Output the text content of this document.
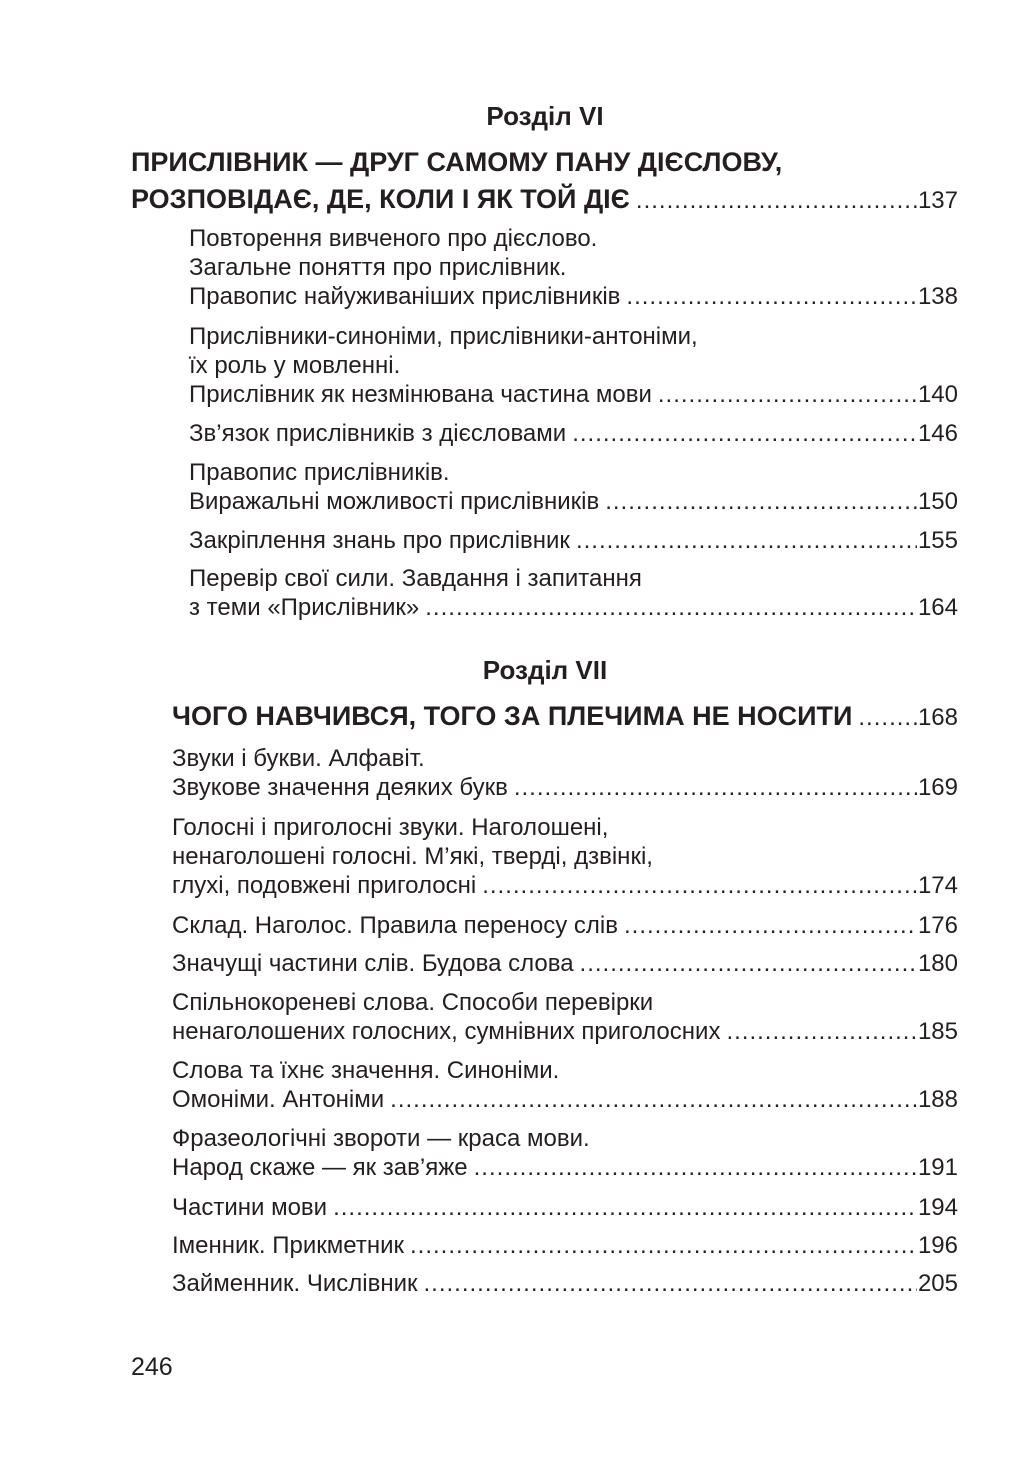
Розділ VI
ПРИСЛІВНИК — ДРУГ САМОМУ ПАНУ ДІЄСЛОВУ,
РОЗПОВІДАЄ, ДЕ, КОЛИ І ЯК ТОЙ ДІЄ .....	137
Повторення вивченого про дієслово.
Загальне поняття про прислівник.
Правопис найуживаніших прислівників .....	138
Прислівники-синоніми, прислівники-антоніми,
їх роль у мовленні.
Прислівник як незмінювана частина мови .....	140
Зв’язок прислівників з дієсловами .....	146
Правопис прислівників.
Виражальні можливості прислівників .....	150
Закріплення знань про прислівник .....	155
Перевір свої сили. Завдання і запитання
з теми «Прислівник» .....	164
Розділ VII
ЧОГО НАВЧИВСЯ, ТОГО ЗА ПЛЕЧИМА НЕ НОСИТИ .....	168
Звуки і букви. Алфавіт.
Звукове значення деяких букв .....	169
Голосні і приголосні звуки. Наголошені,
ненаголошені голосні. М’які, тверді, дзвінкі,
глухі, подовжені приголосні .....	174
Склад. Наголос. Правила переносу слів .....	176
Значущі частини слів. Будова слова .....	180
Спільнокореневі слова. Способи перевірки
ненаголошених голосних, сумнівних приголосних .....	185
Слова та їхнє значення. Синоніми.
Омоніми. Антоніми .....	188
Фразеологічні звороти — краса мови.
Народ скаже — як зав’яже .....	191
Частини мови .....	194
Іменник. Прикметник .....	196
Займенник. Числівник .....	205
246
